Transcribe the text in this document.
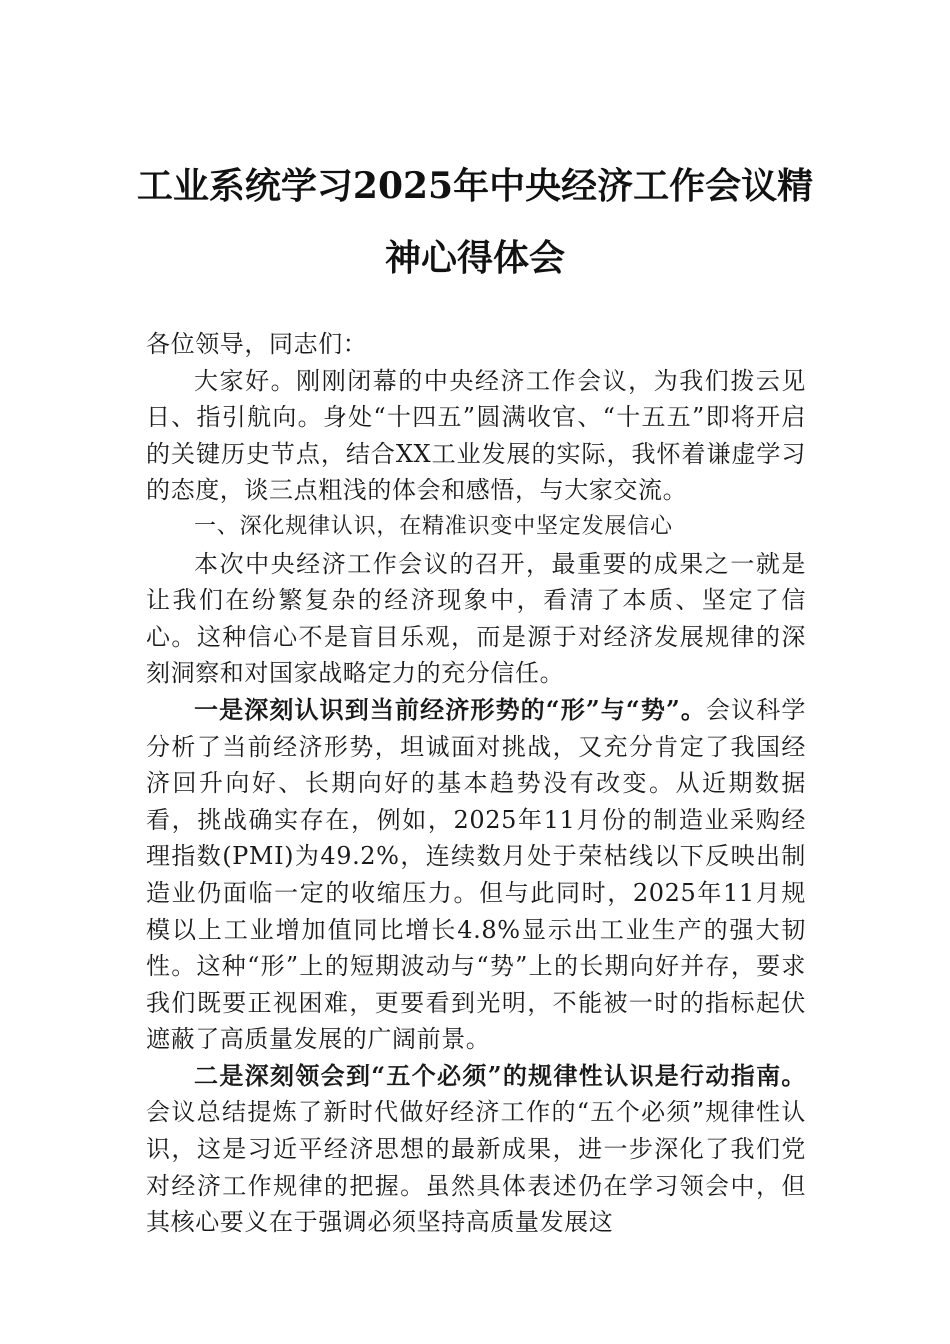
工业系统学习2025年中央经济工作会议精
神心得体会

各位领导，同志们：

大家好。刚刚闭幕的中央经济工作会议，为我们拨云见日、指引航向。身处“十四五”圆满收官、“十五五”即将开启的关键历史节点，结合XX工业发展的实际，我怀着谦虚学习的态度，谈三点粗浅的体会和感悟，与大家交流。

一、深化规律认识，在精准识变中坚定发展信心

本次中央经济工作会议的召开，最重要的成果之一就是让我们在纷繁复杂的经济现象中，看清了本质、坚定了信心。这种信心不是盲目乐观，而是源于对经济发展规律的深刻洞察和对国家战略定力的充分信任。

一是深刻认识到当前经济形势的“形”与“势”。会议科学分析了当前经济形势，坦诚面对挑战，又充分肯定了我国经济回升向好、长期向好的基本趋势没有改变。从近期数据看，挑战确实存在，例如，2025年11月份的制造业采购经理指数(PMI)为49.2%，连续数月处于荣枯线以下反映出制造业仍面临一定的收缩压力。但与此同时，2025年11月规模以上工业增加值同比增长4.8%显示出工业生产的强大韧性。这种“形”上的短期波动与“势”上的长期向好并存，要求我们既要正视困难，更要看到光明，不能被一时的指标起伏遮蔽了高质量发展的广阔前景。

二是深刻领会到“五个必须”的规律性认识是行动指南。会议总结提炼了新时代做好经济工作的“五个必须”规律性认识，这是习近平经济思想的最新成果，进一步深化了我们党对经济工作规律的把握。虽然具体表述仍在学习领会中，但其核心要义在于强调必须坚持高质量发展这
